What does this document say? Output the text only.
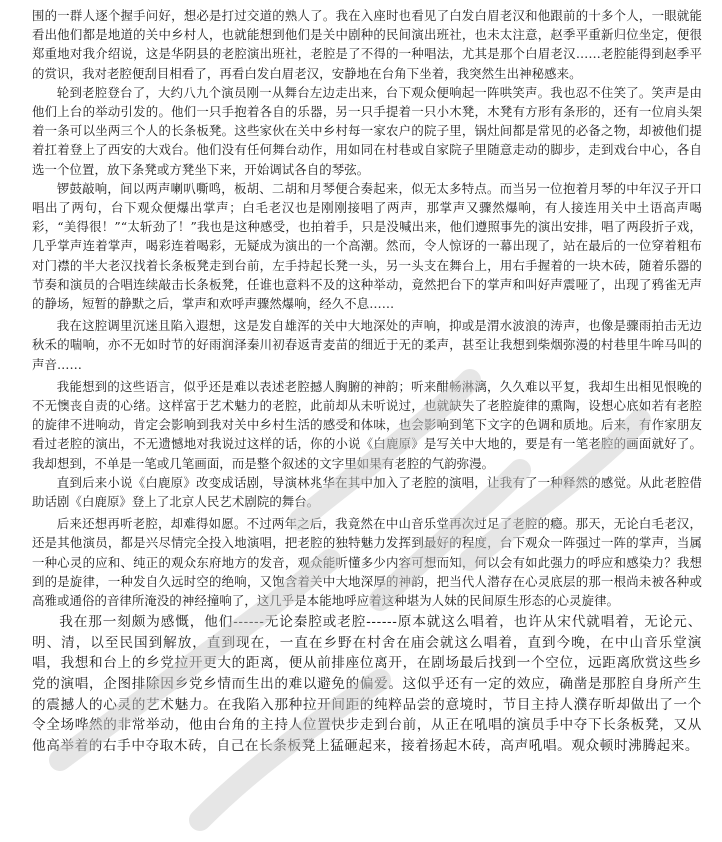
围的一群人逐个握手问好，想必是打过交道的熟人了。我在入座时也看见了白发白眉老汉和他跟前的十多个人，一眼就能看出他们都是地道的关中乡村人，也就能想到他们是关中剧种的民间演出班社，也未太注意，赵季平重新归位坐定，便很郑重地对我介绍说，这是华阴县的老腔演出班社，老腔是了不得的一种唱法，尤其是那个白眉老汉……老腔能得到赵季平的赏识，我对老腔便刮目相看了，再看白发白眉老汉，安静地在台角下坐着，我突然生出神秘感来。

轮到老腔登台了，大约八九个演员刚一从舞台左边走出来，台下观众便响起一阵哄笑声。我也忍不住笑了。笑声是由他们上台的举动引发的。他们一只手抱着各自的乐器，另一只手提着一只小木凳，木凳有方形有条形的，还有一位肩头架着一条可以坐两三个人的长条板凳。这些家伙在关中乡村每一家农户的院子里，锅灶间都是常见的必备之物，却被他们提着扛着登上了西安的大戏台。他们没有任何舞台动作，用如同在村巷或自家院子里随意走动的脚步，走到戏台中心，各自选一个位置，放下条凳或方凳坐下来，开始调试各自的琴弦。

锣鼓敲响，间以两声喇叭嘶鸣，板胡、二胡和月琴便合奏起来，似无太多特点。而当另一位抱着月琴的中年汉子开口唱出了两句，台下观众便爆出掌声；白毛老汉也是刚刚接唱了两声，那掌声又骤然爆响，有人接连用关中土语高声喝彩，“美得很！”“太斩劲了！”我也是这种感受，也拍着手，只是没喊出来，他们遵照事先的演出安排，唱了两段折子戏，几乎掌声连着掌声，喝彩连着喝彩，无疑成为演出的一个高潮。然而，令人惊讶的一幕出现了，站在最后的一位穿着粗布对门襟的半大老汉找着长条板凳走到台前，左手持起长凳一头，另一头支在舞台上，用右手握着的一块木砖，随着乐器的节奏和演员的合唱连续敲击长条板凳，任谁也意料不及的这种举动，竟然把台下的掌声和叫好声震哑了，出现了鸦雀无声的静场，短暂的静默之后，掌声和欢呼声骤然爆响，经久不息……

我在这腔调里沉迷且陷入遐想，这是发自雄浑的关中大地深处的声响，抑或是渭水波浪的涛声，也像是骤雨拍击无边秋禾的喘响，亦不无如时节的好雨润泽秦川初春返青麦苗的细近于无的柔声，甚至让我想到柴烟弥漫的村巷里牛哞马叫的声音……

我能想到的这些语言，似乎还是难以表述老腔撼人胸腑的神韵；听来酣畅淋漓，久久难以平复，我却生出相见恨晚的不无懊丧自责的心绪。这样富于艺术魅力的老腔，此前却从未听说过，也就缺失了老腔旋律的熏陶，设想心底如若有老腔的旋律不进响动，肯定会影响到我对关中乡村生活的感受和体味，也会影响到笔下文字的色调和质地。后来，有作家朋友看过老腔的演出，不无遗憾地对我说过这样的话，你的小说《白鹿原》是写关中大地的，要是有一笔老腔的画面就好了。我却想到，不单是一笔或几笔画面，而是整个叙述的文字里如果有老腔的气韵弥漫。

直到后来小说《白鹿原》改变成话剧，导演林兆华在其中加入了老腔的演唱，让我有了一种释然的感觉。从此老腔借助话剧《白鹿原》登上了北京人民艺术剧院的舞台。

后来还想再听老腔，却难得如愿。不过两年之后，我竟然在中山音乐堂再次过足了老腔的瘾。那天，无论白毛老汉，还是其他演员，都是兴尽情完全投入地演唱，把老腔的独特魅力发挥到最好的程度，台下观众一阵强过一阵的掌声，当属一种心灵的应和、纯正的观众东府地方的发音，观众能听懂多少内容可想而知，何以会有如此强力的呼应和感染力？我想到的是旋律，一种发自久远时空的绝响，又饱含着关中大地深厚的神韵，把当代人潜存在心灵底层的那一根尚未被各种或高雅或通俗的音律所淹没的神经撞响了，这几乎是本能地呼应着这种堪为人妹的民间原生形态的心灵旋律。

我在那一刻颇为感慨，他们------无论秦腔或老腔------原本就这么唱着，也许从宋代就唱着，无论元、明、清，以至民国到解放，直到现在，一直在乡野在村舍在庙会就这么唱着，直到今晚，在中山音乐堂演唱，我想和台上的乡党拉开更大的距离，便从前排座位离开，在剧场最后找到一个空位，远距离欣赏这些乡党的演唱，企图排除因乡党乡情而生出的难以避免的偏爱。这似乎还有一定的效应，确凿是那腔自身所产生的震撼人的心灵的艺术魅力。在我陷入那种拉开间距的纯粹品尝的意境时，节目主持人濮存昕却做出了一个令全场哗然的非常举动，他由台角的主持人位置快步走到台前，从正在吼唱的演员手中夺下长条板凳，又从他高举着的右手中夺取木砖，自己在长条板凳上猛砸起来，接着扬起木砖，高声吼唱。观众顿时沸腾起来。
